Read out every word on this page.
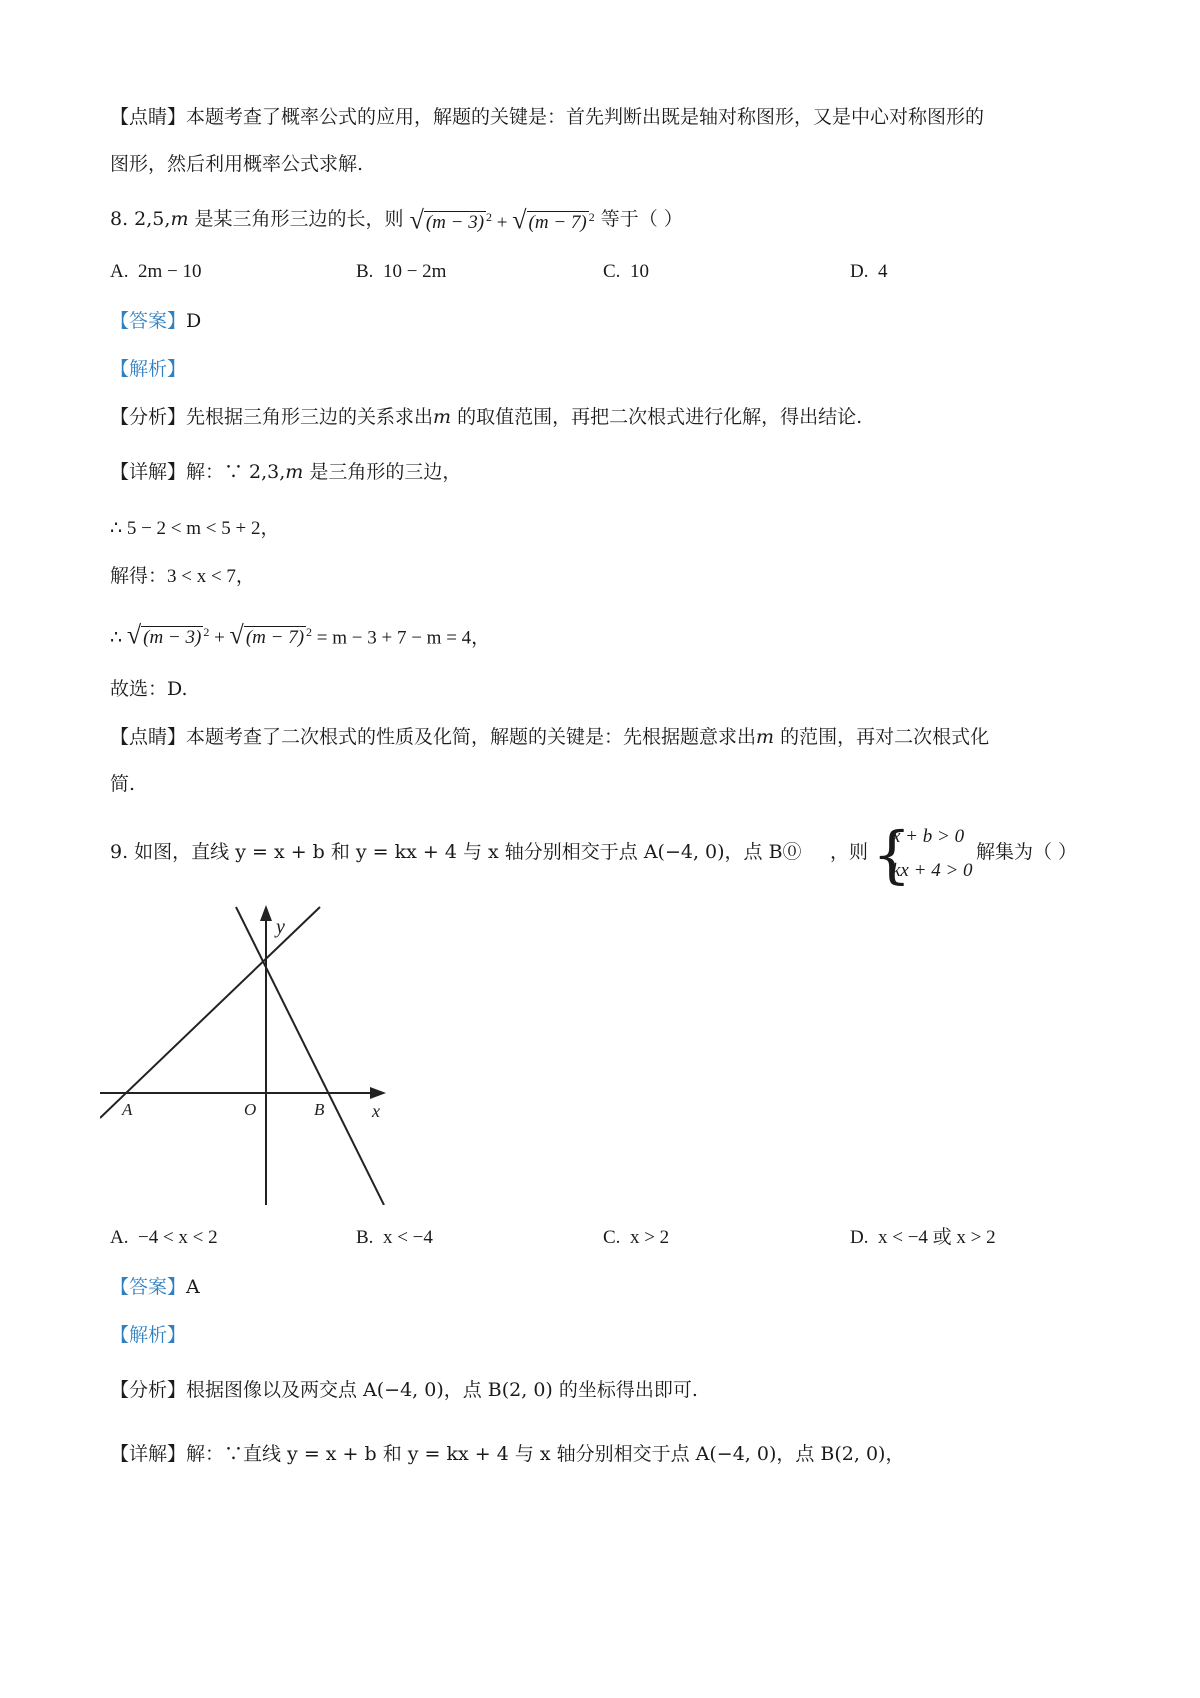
【点睛】本题考查了概率公式的应用，解题的关键是：首先判断出既是轴对称图形，又是中心对称图形的
图形，然后利用概率公式求解.
8. 2,5,m 是某三角形三边的长，则 √ (m − 3) $^2$ + √ (m − 7) $^2$ 等于（ ）
A. 2m − 10	B. 10 − 2m	C. 10	D. 4
【答案】D
【解析】
【分析】先根据三角形三边的关系求出m 的取值范围，再把二次根式进行化解，得出结论.
【详解】解：∵ 2,3,m 是三角形的三边，
∴ 5 − 2 < m < 5 + 2，
解得：3 < x < 7，
∴ √ (m − 3) $^2$ + √ (m − 7) $^2$ = m − 3 + 7 − m = 4，
故选：D.
【点睛】本题考查了二次根式的性质及化简，解题的关键是：先根据题意求出m 的范围，再对二次根式化
简.
9. 如图，直线 y = x + b 和 y = kx + 4 与 x 轴分别相交于点 A(−4, 0)，点 B⓪ ，则 {
x + b > 0
kx + 4 > 0
解集为（ ）
y
x
A	O	B
A. −4 < x < 2	B. x < −4	C. x > 2	D. x < −4 或 x > 2
【答案】A
【解析】
【分析】根据图像以及两交点 A(−4, 0)，点 B(2, 0) 的坐标得出即可.
【详解】解：∵直线 y = x + b 和 y = kx + 4 与 x 轴分别相交于点 A(−4, 0)，点 B(2, 0)，
